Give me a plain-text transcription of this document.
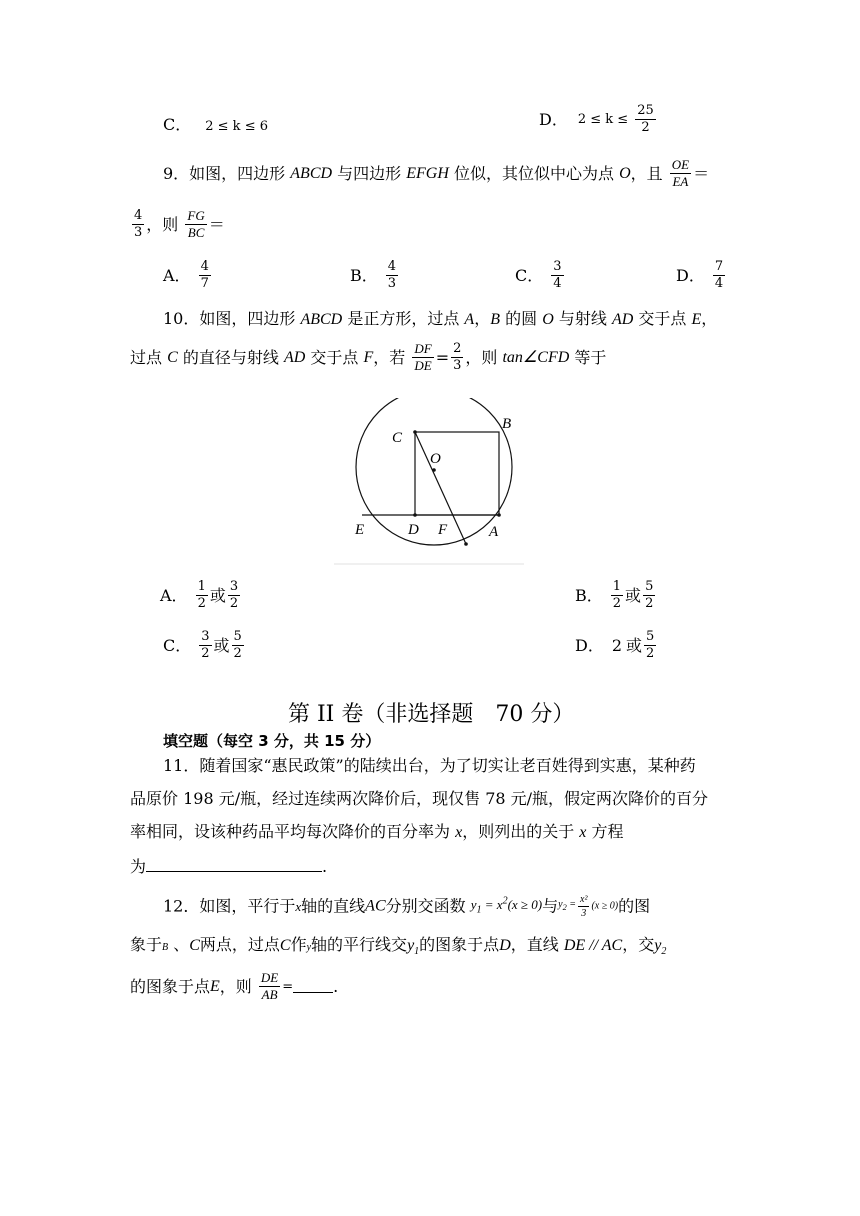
C． 2 ≤ k ≤ 6	D． $2 \le k \le \frac{25}{2}$
9．如图，四边形 ABCD 与四边形 EFGH 位似，其位似中心为点 O，且 $\frac{OE}{EA}$ ＝
$\frac{4}{3}$ ，则 $\frac{FG}{BC}$ ＝
A． $\frac{4}{7}$	B． $\frac{4}{3}$	C． $\frac{3}{4}$	D． $\frac{7}{4}$
10．如图，四边形 ABCD 是正方形，过点 A，B 的圆 O 与射线 AD 交于点 E，
过点 C 的直径与射线 AD 交于点 F，若 $\frac{DF}{DE} = \frac{2}{3}$ ，则 tan∠CFD 等于
C
B
O
E	D F	A
A． $\frac{1}{2}$ 或 $\frac{3}{2}$	B． $\frac{1}{2}$ 或 $\frac{5}{2}$
C． $\frac{3}{2}$ 或 $\frac{5}{2}$	D． 2 或 $\frac{5}{2}$
第 II 卷（非选择题　70 分）
填空题（每空 3 分，共 15 分）
11．随着国家“惠民政策”的陆续出台，为了切实让老百姓得到实惠，某种药
品原价 198 元/瓶，经过连续两次降价后，现仅售 78 元/瓶，假定两次降价的百分
率相同，设该种药品平均每次降价的百分率为 x，则列出的关于 x 方程
为	.
12．如图，平行于x轴的直线AC分别交函数 $y_1 = x^2(x \ge 0)$与$y_2 = \frac{\text{x²}}{3} (x \ge 0)$的图
象于B 、C两点，过点C作y轴的平行线交$y_1$的图象于点D，直线 DE // AC，交$y_2$
的图象于点E，则 $\frac{DE}{AB}$ =	.
